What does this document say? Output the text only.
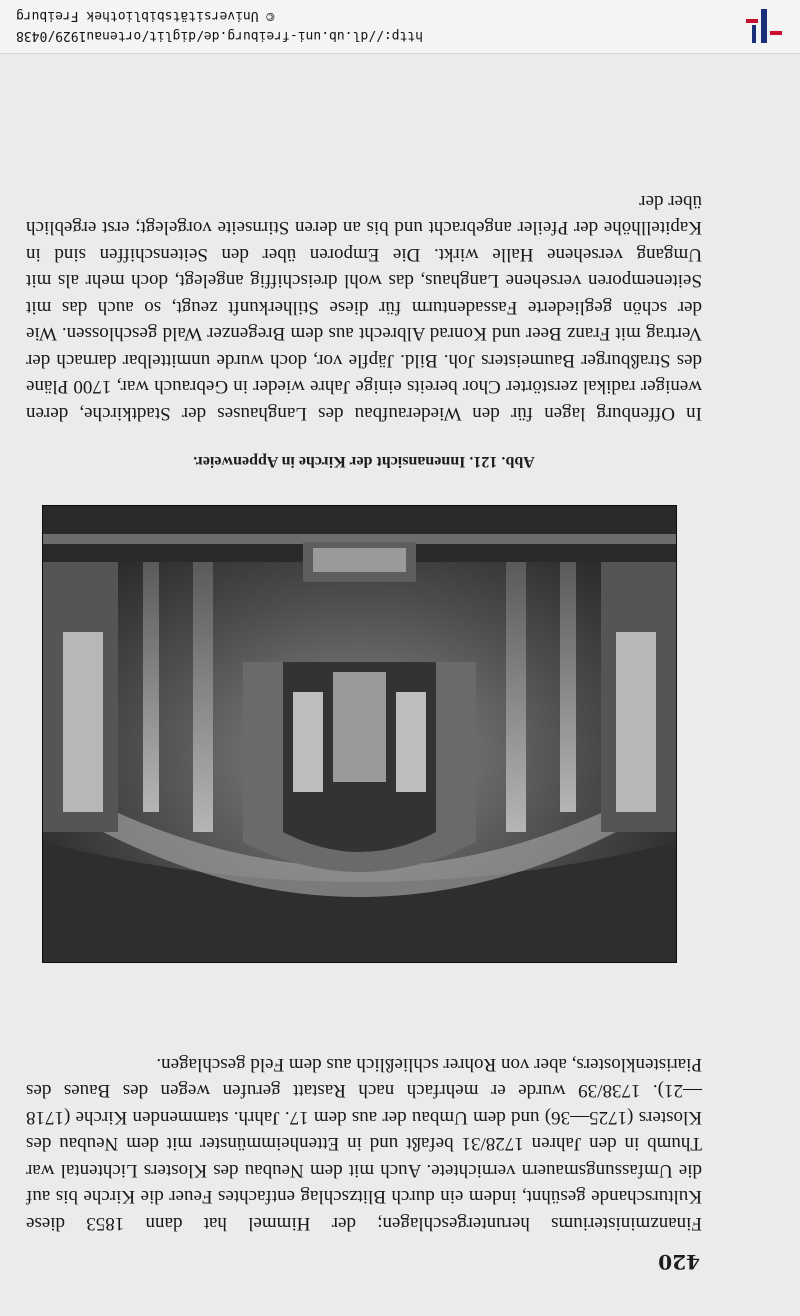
http://dl.ub.uni-freiburg.de/diglit/ortenau1929/0438
© Universitätsbibliothek Freiburg
420

Finanzministeriums heruntergeschlagen; der Himmel hat dann 1853 diese Kulturschande gesühnt, indem ein durch Blitzschlag entfachtes Feuer die Kirche bis auf die Umfassungsmauern vernichtete. Auch mit dem Neubau des Klosters Lichtental war Thumb in den Jahren 1728/31 befaßt und in Ettenheimmünster mit dem Neubau des Klosters (1725—36) und dem Umbau der aus dem 17. Jahrh. stammenden Kirche (1718—21). 1738/39 wurde er mehrfach nach Rastatt gerufen wegen des Baues des Piaristenklosters, aber von Rohrer schließlich aus dem Feld geschlagen.

Abb. 121. Innenansicht der Kirche in Appenweier.

In Offenburg lagen für den Wiederaufbau des Langhauses der Stadtkirche, deren weniger radikal zerstörter Chor bereits einige Jahre wieder in Gebrauch war, 1700 Pläne des Straßburger Baumeisters Joh. Bild. Jäpfle vor, doch wurde unmittelbar darnach der Vertrag mit Franz Beer und Konrad Albrecht aus dem Bregenzer Wald geschlossen. Wie der schön gegliederte Fassadenturm für diese Stilherkunft zeugt, so auch das mit Seitenemporen versehene Langhaus, das wohl dreischiffig angelegt, doch mehr als mit Umgang versehene Halle wirkt. Die Emporen über den Seitenschiffen sind in Kapitellhöhe der Pfeiler angebracht und bis an deren Stirnseite vorgelegt; erst ergeblich über der
